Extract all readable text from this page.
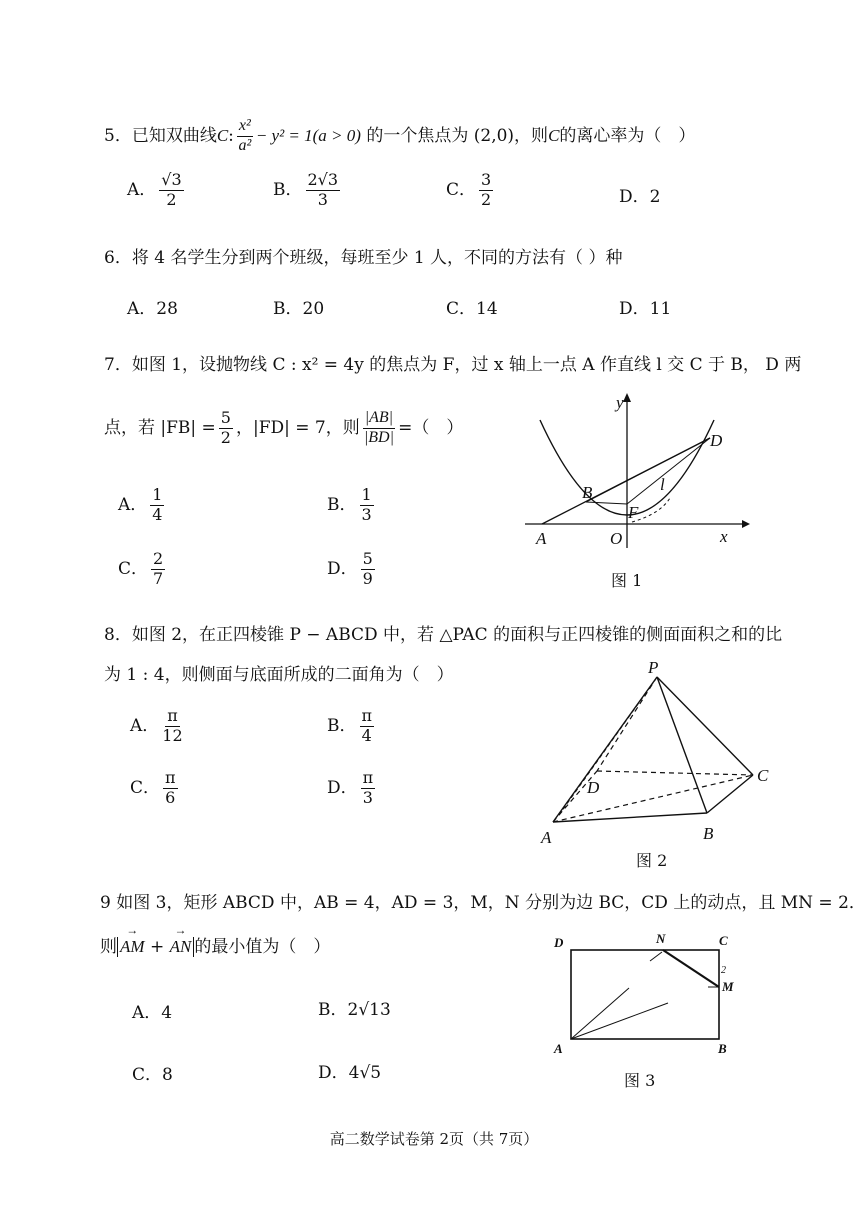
5．已知双曲线C: $\frac{\text{x²}}{\text{a²}} - y^2 = 1(a > 0)$ 的一个焦点为 (2,0)，则C的离心率为（　）
A． $\frac{√3}{2}$	B． $\frac{2√3}{3}$	C． $\frac{3}{2}$	D．2
6．将 4 名学生分到两个班级，每班至少 1 人，不同的方法有（ ）种
A．28	B．20	C．14	D．11
7．如图 1，设抛物线 C : x² = 4y 的焦点为 F，过 x 轴上一点 A 作直线 l 交 C 于 B， D 两
点，若 $|FB| = \frac{5}{2}$ ，|FD| = 7，则 $\frac{|AB|}{|BD|}$ =（　）
A． $\frac{1}{4}$	B． $\frac{1}{3}$
C． $\frac{2}{7}$	D． $\frac{5}{9}$
y
x
A	O
B
F
D
l
图 1
8．如图 2，在正四棱锥 P − ABCD 中，若 △PAC 的面积与正四棱锥的侧面面积之和的比
为 1 : 4，则侧面与底面所成的二面角为（　）
A． $\frac{\pi}{12}$	B． $\frac{\pi}{4}$
C． $\frac{\pi}{6}$	D． $\frac{\pi}{3}$
P
A	B
C
D
图 2
9 如图 3，矩形 ABCD 中，AB = 4，AD = 3，M，N 分别为边 BC，CD 上的动点，且 MN = 2．
则→ AM + → AN 的最小值为（　）
A．4	B．2√13
C．8	D．4√5
D	N	C
2
M
A	B
图 3
高二数学试卷第 2页（共 7页）
